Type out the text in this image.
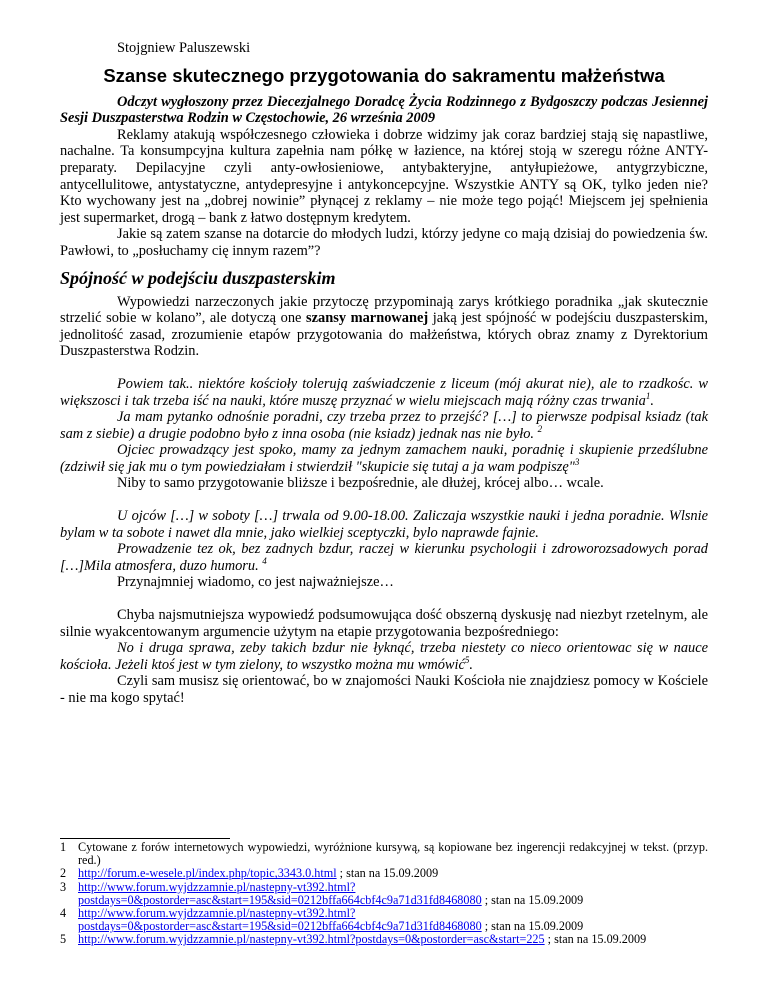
Stojgniew Paluszewski
Szanse skutecznego przygotowania do sakramentu małżeństwa

Odczyt wygłoszony przez Diecezjalnego Doradcę Życia Rodzinnego z Bydgoszczy podczas Jesiennej Sesji Duszpasterstwa Rodzin w Częstochowie, 26 września 2009

Reklamy atakują współczesnego człowieka i dobrze widzimy jak coraz bardziej stają się napastliwe, nachalne. Ta konsumpcyjna kultura zapełnia nam półkę w łazience, na której stoją w szeregu różne ANTY-preparaty. Depilacyjne czyli anty-owłosieniowe, antybakteryjne, antyłupieżowe, antygrzybiczne, antycellulitowe, antystatyczne, antydepresyjne i antykoncepcyjne. Wszystkie ANTY są OK, tylko jeden nie? Kto wychowany jest na „dobrej nowinie” płynącej z reklamy – nie może tego pojąć! Miejscem jej spełnienia jest supermarket, drogą – bank z łatwo dostępnym kredytem.

Jakie są zatem szanse na dotarcie do młodych ludzi, którzy jedyne co mają dzisiaj do powiedzenia św. Pawłowi, to „posłuchamy cię innym razem”?

Spójność w podejściu duszpasterskim

Wypowiedzi narzeczonych jakie przytoczę przypominają zarys krótkiego poradnika „jak skutecznie strzelić sobie w kolano”, ale dotyczą one szansy marnowanej jaką jest spójność w podejściu duszpasterskim, jednolitość zasad, zrozumienie etapów przygotowania do małżeństwa, których obraz znamy z Dyrektorium Duszpasterstwa Rodzin.

Powiem tak.. niektóre kościoły tolerują zaświadczenie z liceum (mój akurat nie), ale to rzadkośc. w większosci i tak trzeba iść na nauki, które muszę przyznać w wielu miejscach mają różny czas trwania$^1$.

Ja mam pytanko odnośnie poradni, czy trzeba przez to przejść? […] to pierwsze podpisal ksiadz (tak sam z siebie) a drugie podobno było z inna osoba (nie ksiadz) jednak nas nie było. $^2$

Ojciec prowadzący jest spoko, mamy za jednym zamachem nauki, poradnię i skupienie przedślubne (zdziwił się jak mu o tym powiedziałam i stwierdził "skupicie się tutaj a ja wam podpiszę"$^3$

Niby to samo przygotowanie bliższe i bezpośrednie, ale dłużej, krócej albo… wcale.

U ojców […] w soboty […] trwala od 9.00-18.00. Zaliczaja wszystkie nauki i jedna poradnie. Wlsnie bylam w ta sobote i nawet dla mnie, jako wielkiej sceptyczki, bylo naprawde fajnie.

Prowadzenie tez ok, bez zadnych bzdur, raczej w kierunku psychologii i zdroworozsadowych porad […]Mila atmosfera, duzo humoru. $^4$

Przynajmniej wiadomo, co jest najważniejsze…

Chyba najsmutniejsza wypowiedź podsumowująca dość obszerną dyskusję nad niezbyt rzetelnym, ale silnie wyakcentowanym argumencie użytym na etapie przygotowania bezpośredniego:

No i druga sprawa, zeby takich bzdur nie łyknąć, trzeba niestety co nieco orientowac się w nauce kościoła. Jeżeli ktoś jest w tym zielony, to wszystko można mu wmówić$^5$.

Czyli sam musisz się orientować, bo w znajomości Nauki Kościoła nie znajdziesz pomocy w Kościele - nie ma kogo spytać!

1 Cytowane z forów internetowych wypowiedzi, wyróżnione kursywą, są kopiowane bez ingerencji redakcyjnej w tekst. (przyp. red.)
2 http://forum.e-wesele.pl/index.php/topic,3343.0.html ; stan na 15.09.2009
3 http://www.forum.wyjdzzamnie.pl/nastepny-vt392.html?postdays=0&postorder=asc&start=195&sid=0212bffa664cbf4c9a71d31fd8468080 ; stan na 15.09.2009
4 http://www.forum.wyjdzzamnie.pl/nastepny-vt392.html?postdays=0&postorder=asc&start=195&sid=0212bffa664cbf4c9a71d31fd8468080 ; stan na 15.09.2009
5 http://www.forum.wyjdzzamnie.pl/nastepny-vt392.html?postdays=0&postorder=asc&start=225 ; stan na 15.09.2009
